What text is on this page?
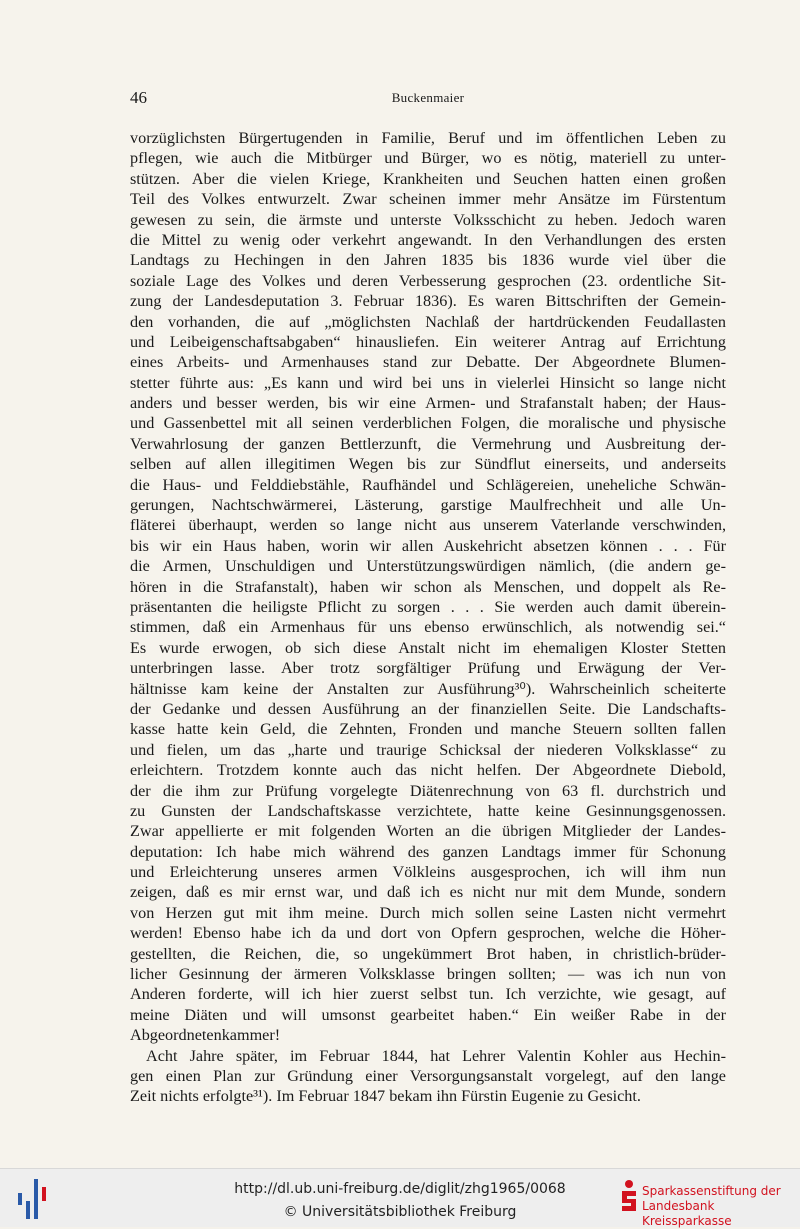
46	Buckenmaier
vorzüglichsten Bürgertugenden in Familie, Beruf und im öffentlichen Leben zu
pflegen, wie auch die Mitbürger und Bürger, wo es nötig, materiell zu unter-
stützen. Aber die vielen Kriege, Krankheiten und Seuchen hatten einen großen
Teil des Volkes entwurzelt. Zwar scheinen immer mehr Ansätze im Fürstentum
gewesen zu sein, die ärmste und unterste Volksschicht zu heben. Jedoch waren
die Mittel zu wenig oder verkehrt angewandt. In den Verhandlungen des ersten
Landtags zu Hechingen in den Jahren 1835 bis 1836 wurde viel über die
soziale Lage des Volkes und deren Verbesserung gesprochen (23. ordentliche Sit-
zung der Landesdeputation 3. Februar 1836). Es waren Bittschriften der Gemein-
den vorhanden, die auf „möglichsten Nachlaß der hartdrückenden Feudallasten
und Leibeigenschaftsabgaben“ hinausliefen. Ein weiterer Antrag auf Errichtung
eines Arbeits- und Armenhauses stand zur Debatte. Der Abgeordnete Blumen-
stetter führte aus: „Es kann und wird bei uns in vielerlei Hinsicht so lange nicht
anders und besser werden, bis wir eine Armen- und Strafanstalt haben; der Haus-
und Gassenbettel mit all seinen verderblichen Folgen, die moralische und physische
Verwahrlosung der ganzen Bettlerzunft, die Vermehrung und Ausbreitung der-
selben auf allen illegitimen Wegen bis zur Sündflut einerseits, und anderseits
die Haus- und Felddiebstähle, Raufhändel und Schlägereien, uneheliche Schwän-
gerungen, Nachtschwärmerei, Lästerung, garstige Maulfrechheit und alle Un-
fläterei überhaupt, werden so lange nicht aus unserem Vaterlande verschwinden,
bis wir ein Haus haben, worin wir allen Auskehricht absetzen können . . . Für
die Armen, Unschuldigen und Unterstützungswürdigen nämlich, (die andern ge-
hören in die Strafanstalt), haben wir schon als Menschen, und doppelt als Re-
präsentanten die heiligste Pflicht zu sorgen . . . Sie werden auch damit überein-
stimmen, daß ein Armenhaus für uns ebenso erwünschlich, als notwendig sei.“
Es wurde erwogen, ob sich diese Anstalt nicht im ehemaligen Kloster Stetten
unterbringen lasse. Aber trotz sorgfältiger Prüfung und Erwägung der Ver-
hältnisse kam keine der Anstalten zur Ausführung³⁰). Wahrscheinlich scheiterte
der Gedanke und dessen Ausführung an der finanziellen Seite. Die Landschafts-
kasse hatte kein Geld, die Zehnten, Fronden und manche Steuern sollten fallen
und fielen, um das „harte und traurige Schicksal der niederen Volksklasse“ zu
erleichtern. Trotzdem konnte auch das nicht helfen. Der Abgeordnete Diebold,
der die ihm zur Prüfung vorgelegte Diätenrechnung von 63 fl. durchstrich und
zu Gunsten der Landschaftskasse verzichtete, hatte keine Gesinnungsgenossen.
Zwar appellierte er mit folgenden Worten an die übrigen Mitglieder der Landes-
deputation: Ich habe mich während des ganzen Landtags immer für Schonung
und Erleichterung unseres armen Völkleins ausgesprochen, ich will ihm nun
zeigen, daß es mir ernst war, und daß ich es nicht nur mit dem Munde, sondern
von Herzen gut mit ihm meine. Durch mich sollen seine Lasten nicht vermehrt
werden! Ebenso habe ich da und dort von Opfern gesprochen, welche die Höher-
gestellten, die Reichen, die, so ungekümmert Brot haben, in christlich-brüder-
licher Gesinnung der ärmeren Volksklasse bringen sollten; — was ich nun von
Anderen forderte, will ich hier zuerst selbst tun. Ich verzichte, wie gesagt, auf
meine Diäten und will umsonst gearbeitet haben.“ Ein weißer Rabe in der
Abgeordnetenkammer!
Acht Jahre später, im Februar 1844, hat Lehrer Valentin Kohler aus Hechin-
gen einen Plan zur Gründung einer Versorgungsanstalt vorgelegt, auf den lange
Zeit nichts erfolgte³¹). Im Februar 1847 bekam ihn Fürstin Eugenie zu Gesicht.
http://dl.ub.uni-freiburg.de/diglit/zhg1965/0068
© Universitätsbibliothek Freiburg
Sparkassenstiftung der
Landesbank Kreissparkasse
